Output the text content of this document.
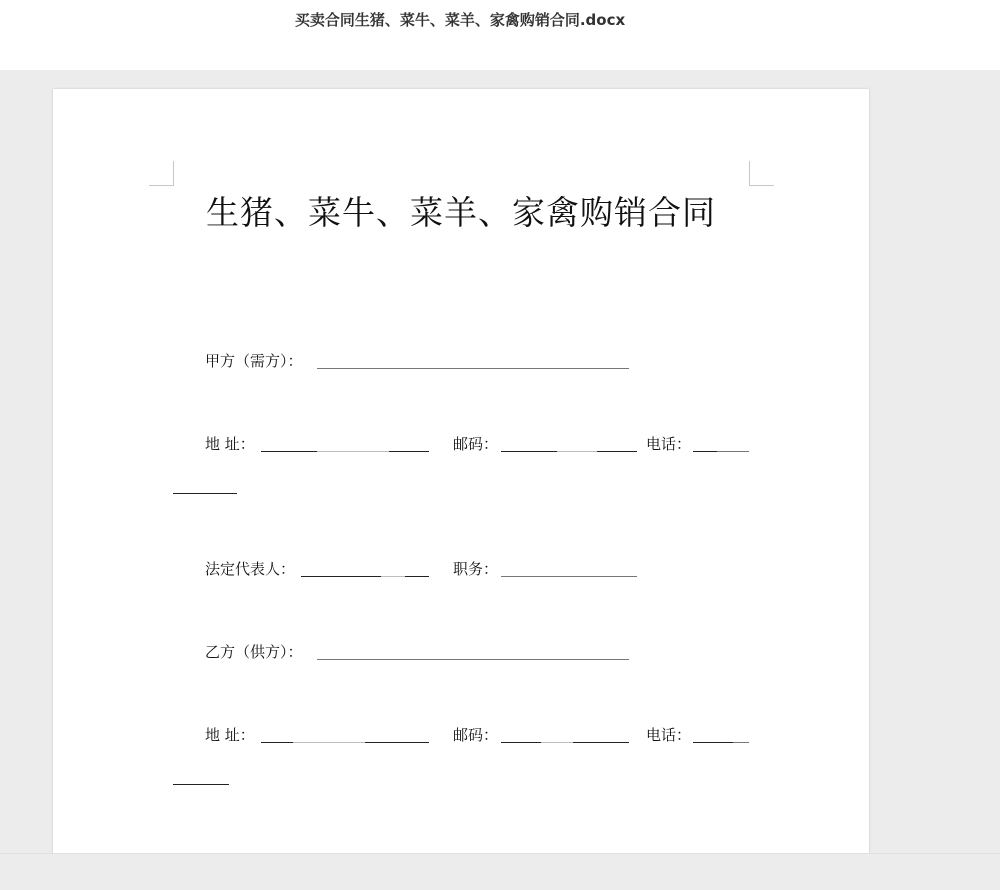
买卖合同生猪、菜牛、菜羊、家禽购销合同.docx
生猪、菜牛、菜羊、家禽购销合同
甲方（需方）：
地 址：	邮码：	电话：
法定代表人：	职务：
乙方（供方）：
地 址：	邮码：	电话：
